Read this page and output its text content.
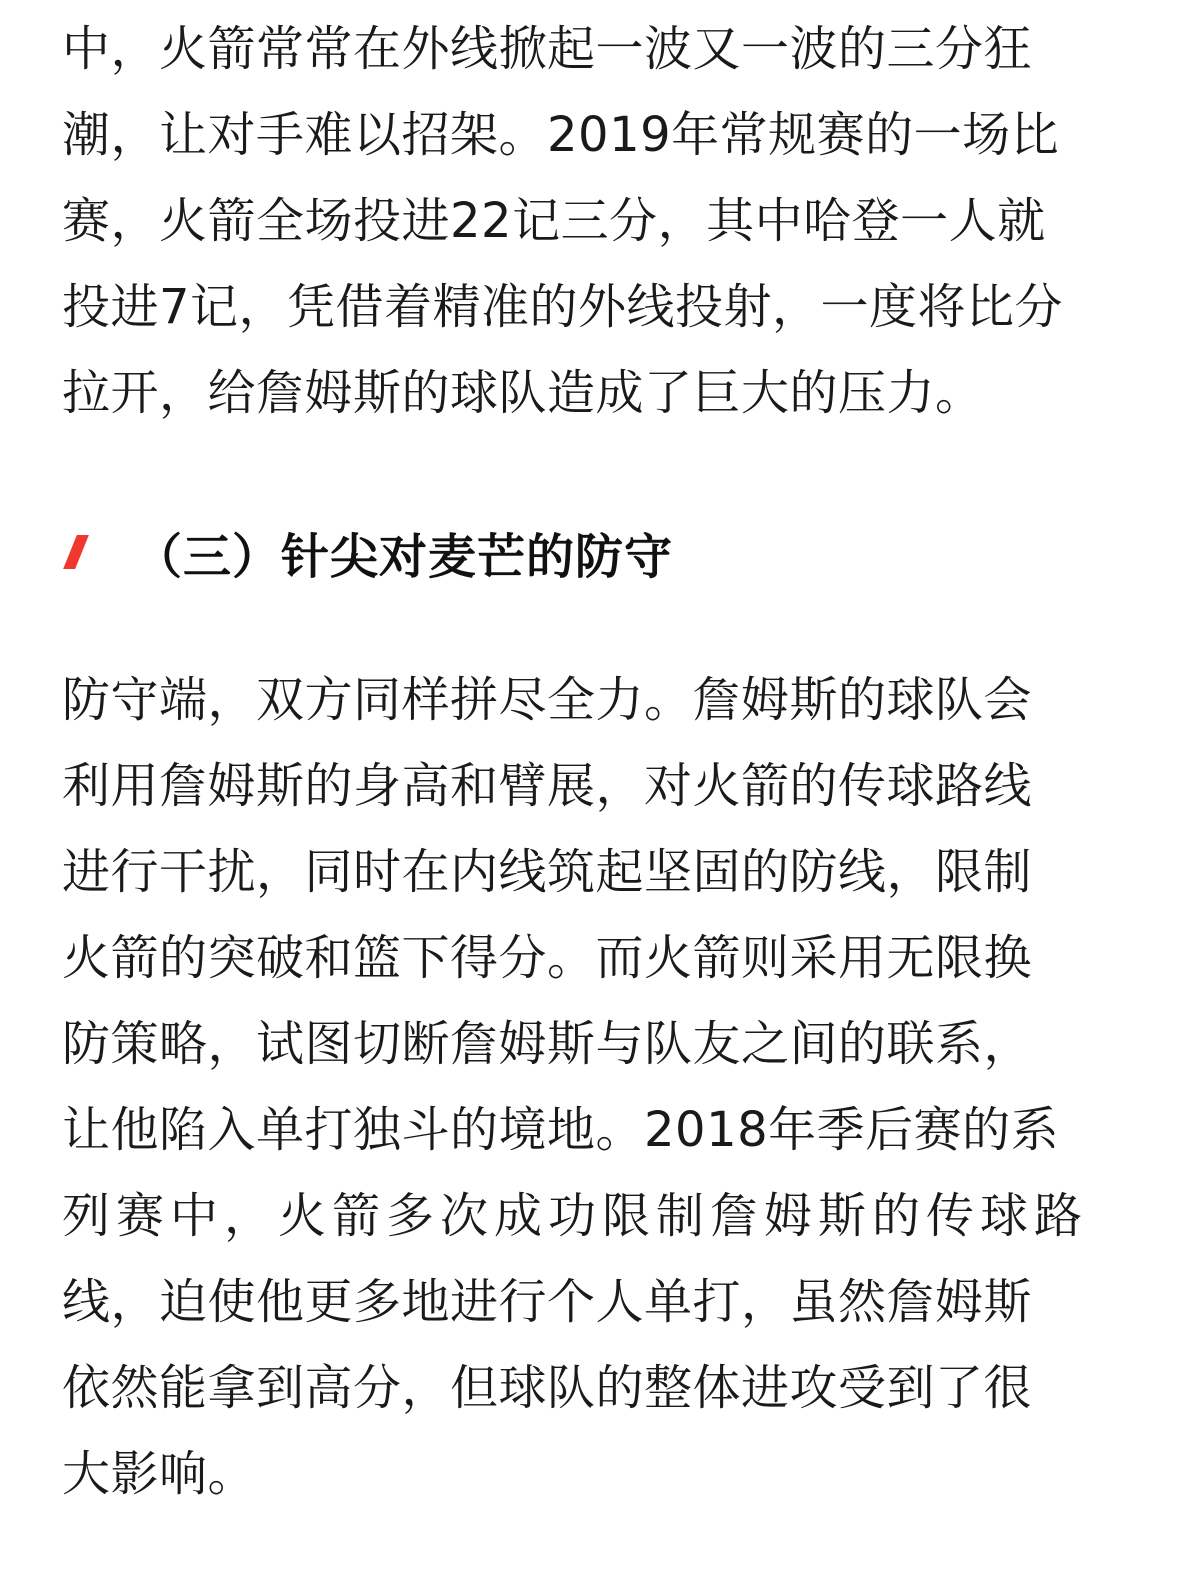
中，火箭常常在外线掀起一波又一波的三分狂
潮，让对手难以招架。2019年常规赛的一场比
赛，火箭全场投进22记三分，其中哈登一人就
投进7记，凭借着精准的外线投射，一度将比分
拉开，给詹姆斯的球队造成了巨大的压力。

（三）针尖对麦芒的防守

防守端，双方同样拼尽全力。詹姆斯的球队会
利用詹姆斯的身高和臂展，对火箭的传球路线
进行干扰，同时在内线筑起坚固的防线，限制
火箭的突破和篮下得分。而火箭则采用无限换
防策略，试图切断詹姆斯与队友之间的联系，
让他陷入单打独斗的境地。2018年季后赛的系
列赛中，火箭多次成功限制詹姆斯的传球路
线，迫使他更多地进行个人单打，虽然詹姆斯
依然能拿到高分，但球队的整体进攻受到了很
大影响。
